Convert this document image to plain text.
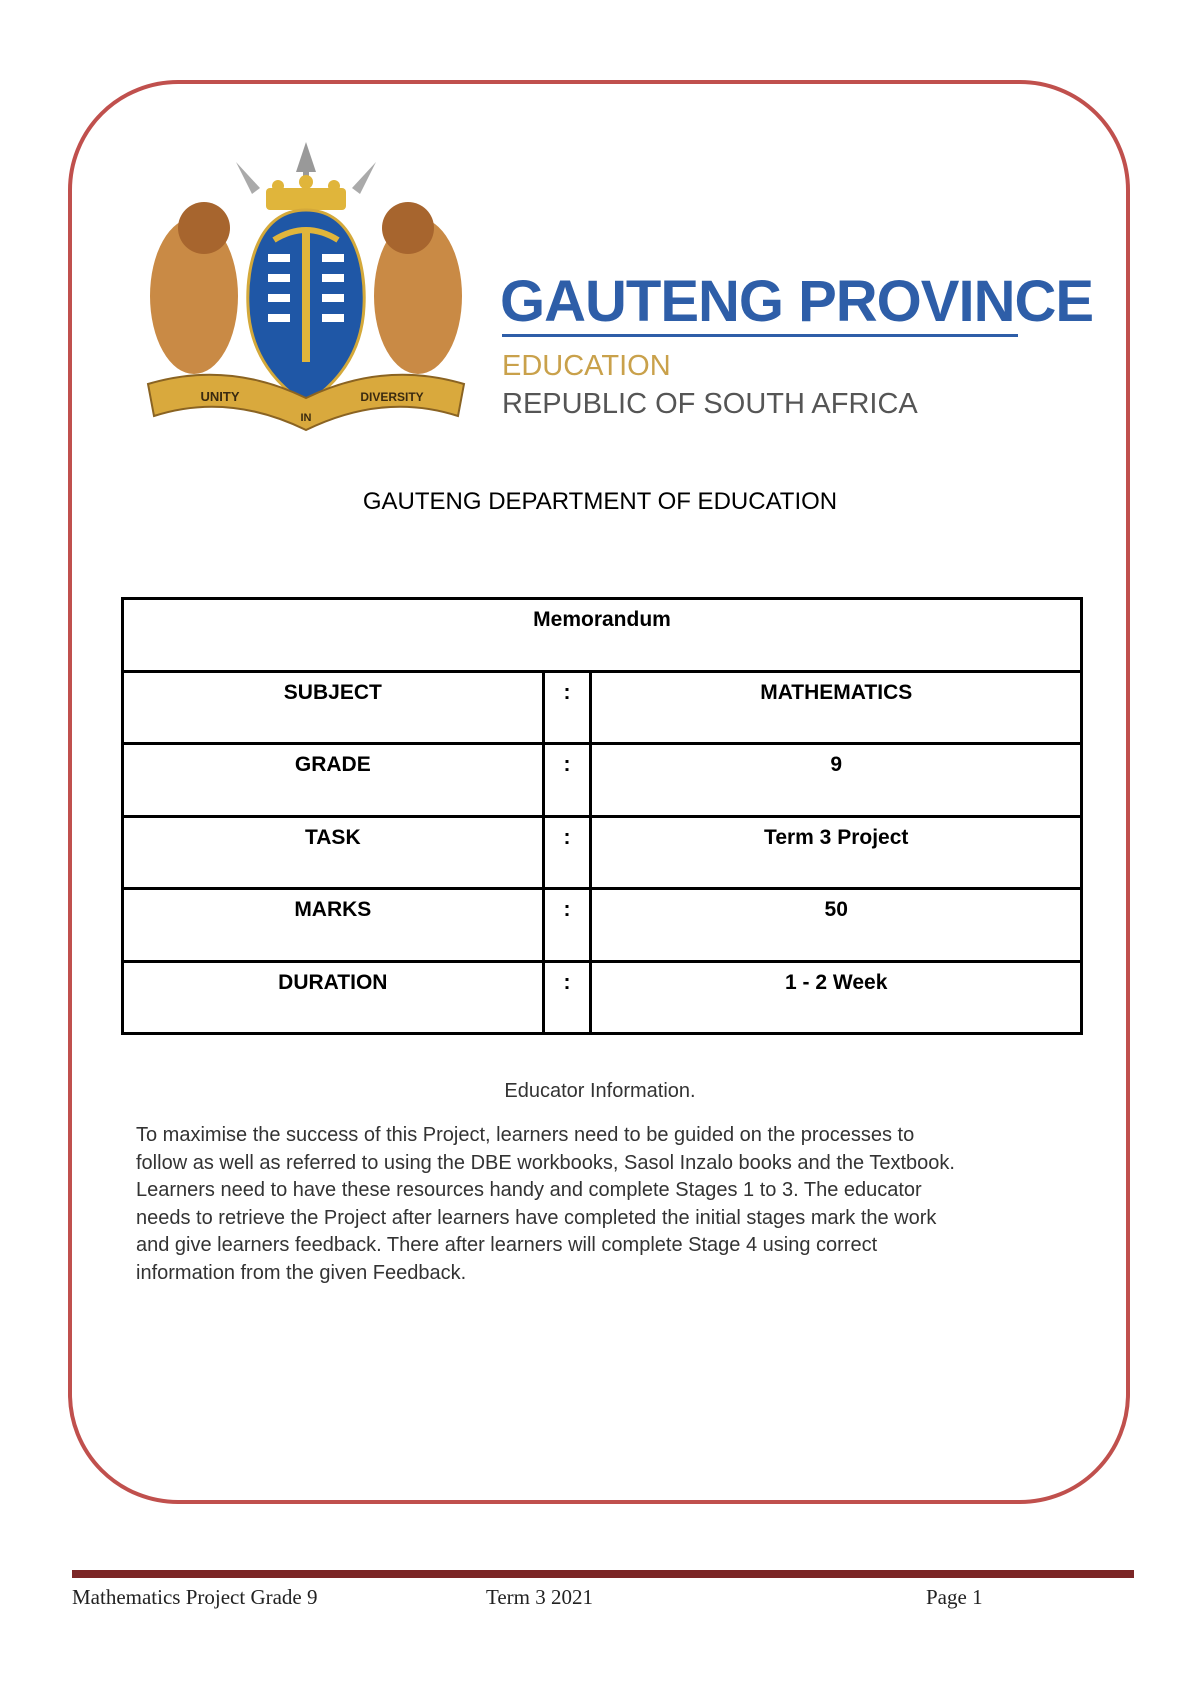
UNITY
IN
DIVERSITY
GAUTENG PROVINCE
EDUCATION
REPUBLIC OF SOUTH AFRICA
GAUTENG DEPARTMENT OF EDUCATION
Memorandum		
SUBJECT	:	MATHEMATICS
GRADE	:	9
TASK	:	Term 3 Project
MARKS	:	50
DURATION	:	1 - 2 Week
Educator Information.
To maximise the success of this Project, learners need to be guided on the processes to
follow as well as referred to using the DBE workbooks, Sasol Inzalo books and the Textbook.
Learners need to have these resources handy and complete Stages 1 to 3. The educator
needs to retrieve the Project after learners have completed the initial stages mark the work
and give learners feedback. There after learners will complete Stage 4 using correct
information from the given Feedback.
Mathematics Project Grade 9	Term 3 2021	Page 1
